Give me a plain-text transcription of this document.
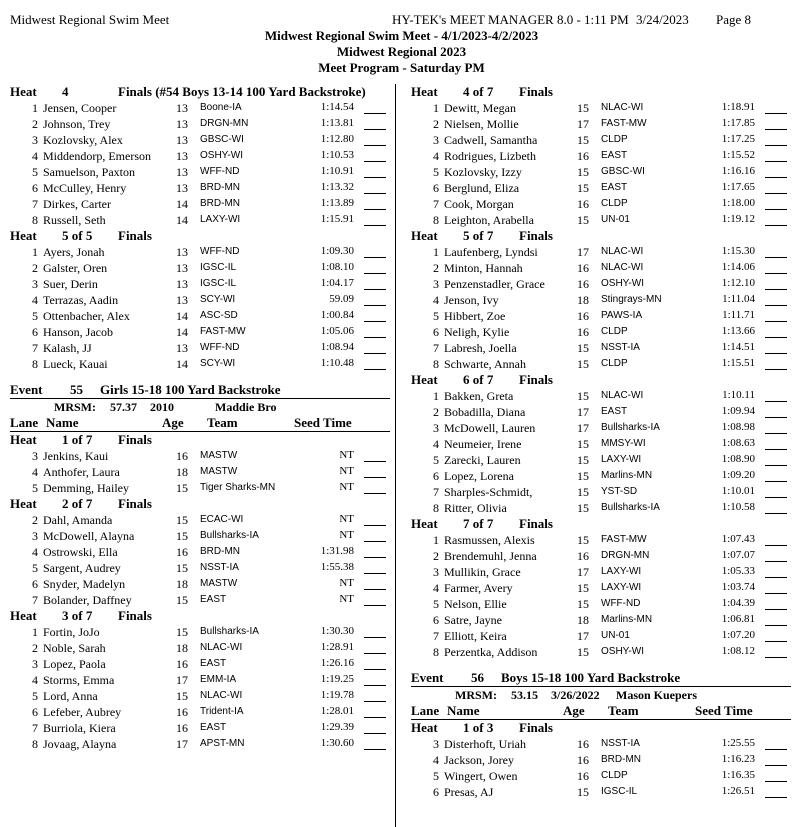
Midwest Regional Swim Meet	HY-TEK's MEET MANAGER 8.0 - 1:11 PM 3/24/2023 Page 8
Midwest Regional Swim Meet - 4/1/2023-4/2/2023
Midwest Regional 2023
Meet Program - Saturday PM
Heat 4	Finals (#54 Boys 13-14 100 Yard Backstroke)
1 Jensen, Cooper	13 Boone-IA	1:14.54
2 Johnson, Trey	13 DRGN-MN	1:13.81
3 Kozlovsky, Alex	13 GBSC-WI	1:12.80
4 Middendorp, Emerson	13 OSHY-WI	1:10.53
5 Samuelson, Paxton	13 WFF-ND	1:10.91
6 McCulley, Henry	13 BRD-MN	1:13.32
7 Dirkes, Carter	14 BRD-MN	1:13.89
8 Russell, Seth	14 LAXY-WI	1:15.91
Heat 5 of 5 Finals
1 Ayers, Jonah	13 WFF-ND	1:09.30
2 Galster, Oren	13 IGSC-IL	1:08.10
3 Suer, Derin	13 IGSC-IL	1:04.17
4 Terrazas, Aadin	13 SCY-WI	59.09
5 Ottenbacher, Alex	14 ASC-SD	1:00.84
6 Hanson, Jacob	14 FAST-MW	1:05.06
7 Kalash, JJ	13 WFF-ND	1:08.94
8 Lueck, Kauai	14 SCY-WI	1:10.48
Event 55 Girls 15-18 100 Yard Backstroke
MRSM: 57.37 2010	Maddie Bro
Lane Name	Age Team	Seed Time
Heat 1 of 7 Finals
3 Jenkins, Kaui	16 MASTW	NT
4 Anthofer, Laura	18 MASTW	NT
5 Demming, Hailey	15 Tiger Sharks-MN	NT
Heat 2 of 7 Finals
2 Dahl, Amanda	15 ECAC-WI	NT
3 McDowell, Alayna	15 Bullsharks-IA	NT
4 Ostrowski, Ella	16 BRD-MN	1:31.98
5 Sargent, Audrey	15 NSST-IA	1:55.38
6 Snyder, Madelyn	18 MASTW	NT
7 Bolander, Daffney	15 EAST	NT
Heat 3 of 7 Finals
1 Fortin, JoJo	15 Bullsharks-IA	1:30.30
2 Noble, Sarah	18 NLAC-WI	1:28.91
3 Lopez, Paola	16 EAST	1:26.16
4 Storms, Emma	17 EMM-IA	1:19.25
5 Lord, Anna	15 NLAC-WI	1:19.78
6 Lefeber, Aubrey	16 Trident-IA	1:28.01
7 Burriola, Kiera	16 EAST	1:29.39
8 Jovaag, Alayna	17 APST-MN	1:30.60
Heat 4 of 7 Finals
1 Dewitt, Megan	15 NLAC-WI	1:18.91
2 Nielsen, Mollie	17 FAST-MW	1:17.85
3 Cadwell, Samantha	15 CLDP	1:17.25
4 Rodrigues, Lizbeth	16 EAST	1:15.52
5 Kozlovsky, Izzy	15 GBSC-WI	1:16.16
6 Berglund, Eliza	15 EAST	1:17.65
7 Cook, Morgan	16 CLDP	1:18.00
8 Leighton, Arabella	15 UN-01	1:19.12
Heat 5 of 7 Finals
1 Laufenberg, Lyndsi	17 NLAC-WI	1:15.30
2 Minton, Hannah	16 NLAC-WI	1:14.06
3 Penzenstadler, Grace	16 OSHY-WI	1:12.10
4 Jenson, Ivy	18 Stingrays-MN	1:11.04
5 Hibbert, Zoe	16 PAWS-IA	1:11.71
6 Neligh, Kylie	16 CLDP	1:13.66
7 Labresh, Joella	15 NSST-IA	1:14.51
8 Schwarte, Annah	15 CLDP	1:15.51
Heat 6 of 7 Finals
1 Bakken, Greta	15 NLAC-WI	1:10.11
2 Bobadilla, Diana	17 EAST	1:09.94
3 McDowell, Lauren	17 Bullsharks-IA	1:08.98
4 Neumeier, Irene	15 MMSY-WI	1:08.63
5 Zarecki, Lauren	15 LAXY-WI	1:08.90
6 Lopez, Lorena	15 Marlins-MN	1:09.20
7 Sharples-Schmidt,	15 YST-SD	1:10.01
8 Ritter, Olivia	15 Bullsharks-IA	1:10.58
Heat 7 of 7 Finals
1 Rasmussen, Alexis	15 FAST-MW	1:07.43
2 Brendemuhl, Jenna	16 DRGN-MN	1:07.07
3 Mullikin, Grace	17 LAXY-WI	1:05.33
4 Farmer, Avery	15 LAXY-WI	1:03.74
5 Nelson, Ellie	15 WFF-ND	1:04.39
6 Satre, Jayne	18 Marlins-MN	1:06.81
7 Elliott, Keira	17 UN-01	1:07.20
8 Perzentka, Addison	15 OSHY-WI	1:08.12
Event 56 Boys 15-18 100 Yard Backstroke
MRSM: 53.15 3/26/2022 Mason Kuepers
Lane Name	Age Team	Seed Time
Heat 1 of 3 Finals
3 Disterhoft, Uriah	16 NSST-IA	1:25.55
4 Jackson, Jorey	16 BRD-MN	1:16.23
5 Wingert, Owen	16 CLDP	1:16.35
6 Presas, AJ	15 IGSC-IL	1:26.51
